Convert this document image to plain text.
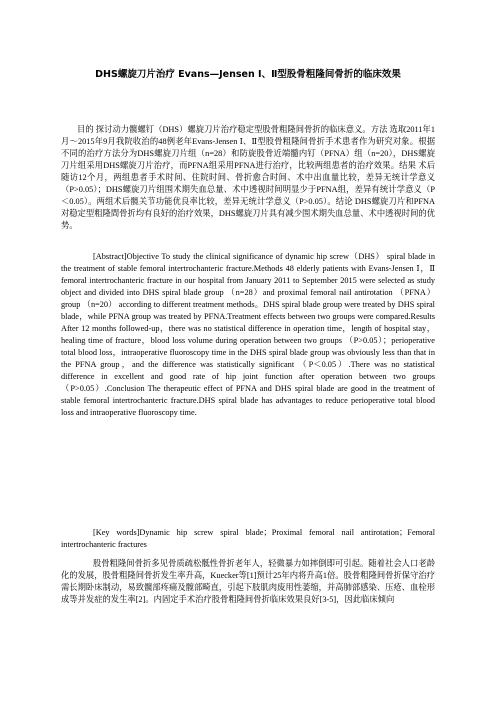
DHS螺旋刀片治疗 Evans—Jensen Ⅰ、Ⅱ型股骨粗隆间骨折的临床效果
目的 探讨动力髋螺钉（DHS）螺旋刀片治疗稳定型股骨粗隆间骨折的临床意义。方法 选取2011年1月～2015年9月我院收治的48例老年Evans-Jensen Ⅰ、Ⅱ型股骨粗隆间骨折手术患者作为研究对象。根据不同的治疗方法分为DHS螺旋刀片组（n=28）和防旋股骨近端髓内钉（PFNA）组（n=20），DHS螺旋刀片组采用DHS螺旋刀片治疗，而PFNA组采用PFNA进行治疗，比较两组患者的治疗效果。结果 术后随访12个月，两组患者手术时间、住院时间、骨折愈合时间、术中出血量比较，差异无统计学意义（P>0.05）；DHS螺旋刀片组围术期失血总量、术中透视时间明显少于PFNA组，差异有统计学意义（P＜0.05）。两组术后髋关节功能优良率比较，差异无统计学意义（P>0.05）。结论 DHS螺旋刀片和PFNA对稳定型粗隆間骨折均有良好的治疗效果，DHS螺旋刀片具有减少围术期失血总量、术中透视时间的优势。
[Abstract]Objective To study the clinical significance of dynamic hip screw（DHS） spiral blade in the treatment of stable femoral intertrochanteric fracture.Methods 48 elderly patients with Evans-Jensen Ⅰ，Ⅱ femoral intertrochanteric fracture in our hospital from January 2011 to September 2015 were selected as study object and divided into DHS spiral blade group （n=28）and proximal femoral nail antirotation （PFNA） group （n=20） according to different treatment methods。DHS spiral blade group were treated by DHS spiral blade，while PFNA group was treated by PFNA.Treatment effects between two groups were compared.Results After 12 months followed-up，there was no statistical difference in operation time，length of hospital stay，healing time of fracture，blood loss volume during operation between two groups （P>0.05）；perioperative total blood loss，intraoperative fluoroscopy time in the DHS spiral blade group was obviously less than that in the PFNA group，and the difference was statistically significant （P＜0.05）.There was no statistical difference in excellent and good rate of hip joint function after operation between two groups （P>0.05）.Conclusion The therapeutic effect of PFNA and DHS spiral blade are good in the treatment of stable femoral intertrochanteric fracture.DHS spiral blade has advantages to reduce perioperative total blood loss and intraoperative fluoroscopy time.
[Key words]Dynamic hip screw spiral blade；Proximal femoral nail antirotation；Femoral intertrochanteric fractures
股骨粗隆间骨折多见骨质疏松骶性骨折老年人，轻微暴力如摔倒即可引起。随着社会人口老龄化的发展，股骨粗隆间骨折发生率升高，Kuecker等[1]预计25年内将升高1倍。股骨粗隆间骨折保守治疗需长期卧床制动，易致髋部疼痛及髋部畸直，引起下肢肌肉废用性萎缩，并高肺部感染、压疮、血栓形成等并发症的发生率[2]。内固定手术治疗股骨粗隆间骨折临床效果良好[3-5]，因此临床倾向
